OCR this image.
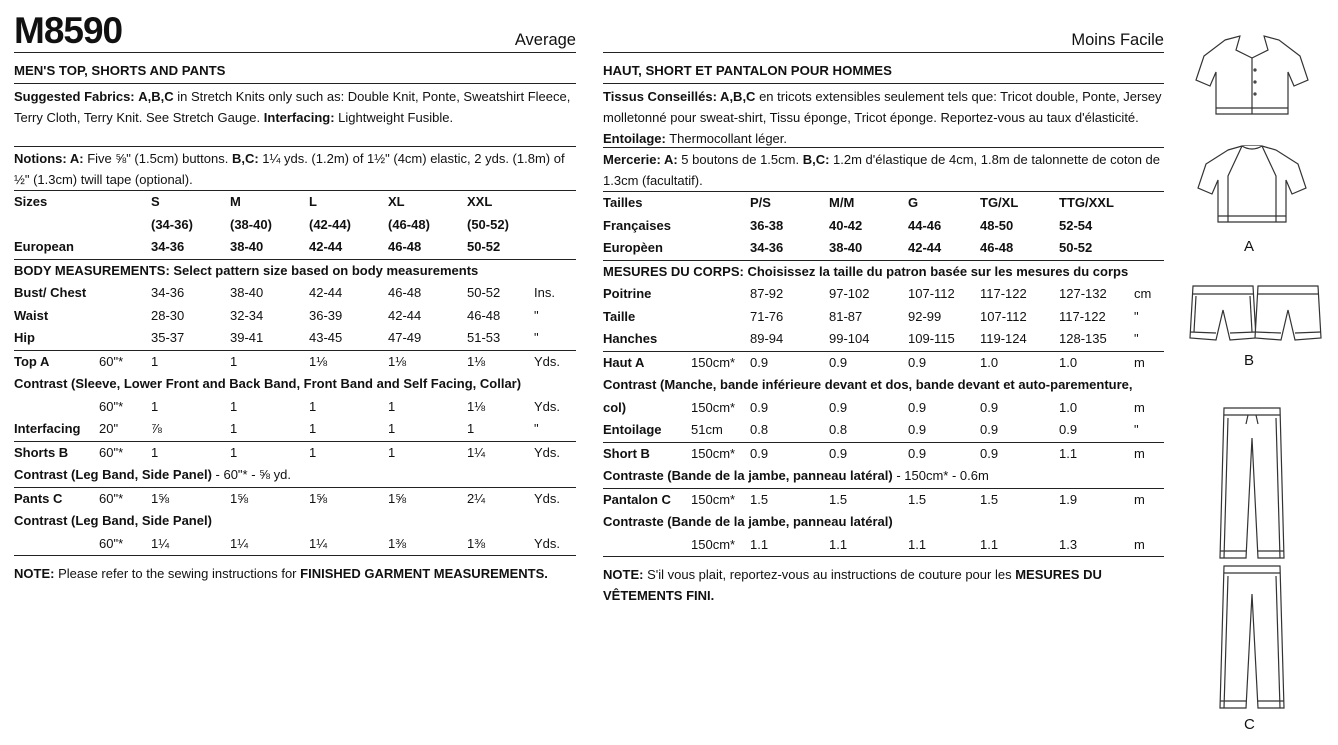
M8590	Average
MEN'S TOP, SHORTS AND PANTS
Suggested Fabrics: A,B,C in Stretch Knits only such as: Double Knit, Ponte, Sweatshirt Fleece, Terry Cloth, Terry Knit. See Stretch Gauge. Interfacing: Lightweight Fusible.
Notions: A: Five ⅝" (1.5cm) buttons. B,C: 1¼ yds. (1.2m) of 1½" (4cm) elastic, 2 yds. (1.8m) of ½" (1.3cm) twill tape (optional).
Sizes		S	M	L	XL	XXL	
		(34-36)	(38-40)	(42-44)	(46-48)	(50-52)	
European		34-36	38-40	42-44	46-48	50-52	
BODY MEASUREMENTS: Select pattern size based on body measurements							
Bust/ Chest		34-36	38-40	42-44	46-48	50-52	Ins.
Waist		28-30	32-34	36-39	42-44	46-48	"
Hip		35-37	39-41	43-45	47-49	51-53	"
Top A	60"*	1	1	1⅛	1⅛	1⅛	Yds.
Contrast (Sleeve, Lower Front and Back Band, Front Band and Self Facing, Collar)							
	60"*	1	1	1	1	1⅛	Yds.
Interfacing	20"	⅞	1	1	1	1	"
Shorts B	60"*	1	1	1	1	1¼	Yds.
Contrast (Leg Band, Side Panel) - 60"* - ⅝ yd.							
Pants C	60"*	1⅝	1⅝	1⅝	1⅝	2¼	Yds.
Contrast (Leg Band, Side Panel)							
	60"*	1¼	1¼	1¼	1⅜	1⅜	Yds.
NOTE: Please refer to the sewing instructions for FINISHED GARMENT MEASUREMENTS.
Moins Facile
HAUT, SHORT ET PANTALON POUR HOMMES
Tissus Conseillés: A,B,C en tricots extensibles seulement tels que: Tricot double, Ponte, Jersey molletonné pour sweat-shirt, Tissu éponge, Tricot éponge. Reportez-vous au taux d'élasticité.
Entoilage: Thermocollant léger.
Mercerie: A: 5 boutons de 1.5cm. B,C: 1.2m d'élastique de 4cm, 1.8m de talonnette de coton de 1.3cm (facultatif).
Tailles		P/S	M/M	G	TG/XL	TTG/XXL	
Françaises		36-38	40-42	44-46	48-50	52-54	
Europèen		34-36	38-40	42-44	46-48	50-52	
MESURES DU CORPS: Choisissez la taille du patron basée sur les mesures du corps							
Poitrine		87-92	97-102	107-112	117-122	127-132	cm
Taille		71-76	81-87	92-99	107-112	117-122	"
Hanches		89-94	99-104	109-115	119-124	128-135	"
Haut A	150cm*	0.9	0.9	0.9	1.0	1.0	m
Contrast (Manche, bande inférieure devant et dos, bande devant et auto-parementure,							
col)	150cm*	0.9	0.9	0.9	0.9	1.0	m
Entoilage	51cm	0.8	0.8	0.9	0.9	0.9	"
Short B	150cm*	0.9	0.9	0.9	0.9	1.1	m
Contraste (Bande de la jambe, panneau latéral) - 150cm* - 0.6m							
Pantalon C	150cm*	1.5	1.5	1.5	1.5	1.9	m
Contraste (Bande de la jambe, panneau latéral)							
	150cm*	1.1	1.1	1.1	1.1	1.3	m
NOTE: S'il vous plait, reportez-vous au instructions de couture pour les MESURES DU VÊTEMENTS FINI.
A
B
C
